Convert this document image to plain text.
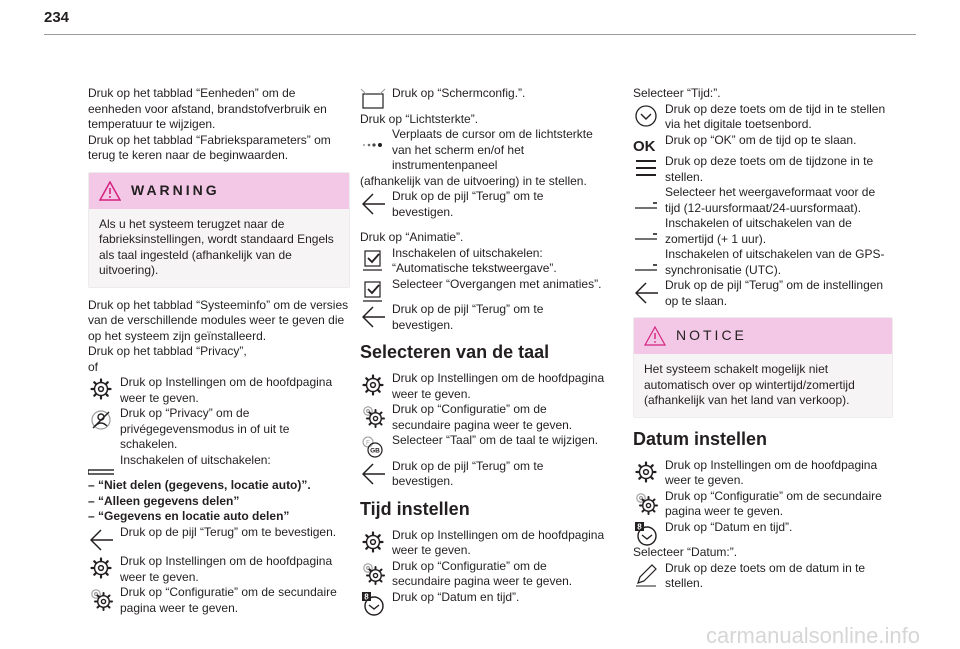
234

Druk op het tabblad “Eenheden” om de eenheden voor afstand, brandstofverbruik en temperatuur te wijzigen.

Druk op het tabblad “Fabrieksparameters” om terug te keren naar de beginwaarden.

WARNING

Als u het systeem terugzet naar de fabrieksinstellingen, wordt standaard Engels als taal ingesteld (afhankelijk van de uitvoering).

Druk op het tabblad “Systeeminfo” om de versies van de verschillende modules weer te geven die op het systeem zijn geïnstalleerd.

Druk op het tabblad “Privacy”,

of

Druk op Instellingen om de hoofdpagina weer te geven.

Druk op “Privacy” om de privégegevensmodus in of uit te schakelen.

Inschakelen of uitschakelen:

– “Niet delen (gegevens, locatie auto)”.

– “Alleen gegevens delen”

– “Gegevens en locatie auto delen”

Druk op de pijl “Terug” om te bevestigen.

Druk op Instellingen om de hoofdpagina weer te geven.

Druk op “Configuratie” om de secundaire pagina weer te geven.

Druk op “Schermconfig.”.

Druk op “Lichtsterkte”.

Verplaats de cursor om de lichtsterkte van het scherm en/of het instrumentenpaneel

(afhankelijk van de uitvoering) in te stellen.

Druk op de pijl “Terug” om te bevestigen.

Druk op “Animatie”.

Inschakelen of uitschakelen: “Automatische tekstweergave”.

Selecteer “Overgangen met animaties”.

Druk op de pijl “Terug” om te bevestigen.

Selecteren van de taal

Druk op Instellingen om de hoofdpagina weer te geven.

Druk op “Configuratie” om de secundaire pagina weer te geven.

F
GB

Selecteer “Taal” om de taal te wijzigen.

Druk op de pijl “Terug” om te bevestigen.

Tijd instellen

Druk op Instellingen om de hoofdpagina weer te geven.

Druk op “Configuratie” om de secundaire pagina weer te geven.

Druk op “Datum en tijd”.

Selecteer “Tijd:”.

Druk op deze toets om de tijd in te stellen via het digitale toetsenbord.

OK Druk op “OK” om de tijd op te slaan.

Druk op deze toets om de tijdzone in te stellen.

Selecteer het weergaveformaat voor de tijd (12-uursformaat/24-uursformaat).

Inschakelen of uitschakelen van de zomertijd (+ 1 uur).

Inschakelen of uitschakelen van de GPS-synchronisatie (UTC).

Druk op de pijl “Terug” om de instellingen op te slaan.

NOTICE

Het systeem schakelt mogelijk niet automatisch over op wintertijd/zomertijd (afhankelijk van het land van verkoop).

Datum instellen

Druk op Instellingen om de hoofdpagina weer te geven.

Druk op “Configuratie” om de secundaire pagina weer te geven.

Druk op “Datum en tijd”.

Selecteer “Datum:”.

Druk op deze toets om de datum in te stellen.

carmanualsonline.info
